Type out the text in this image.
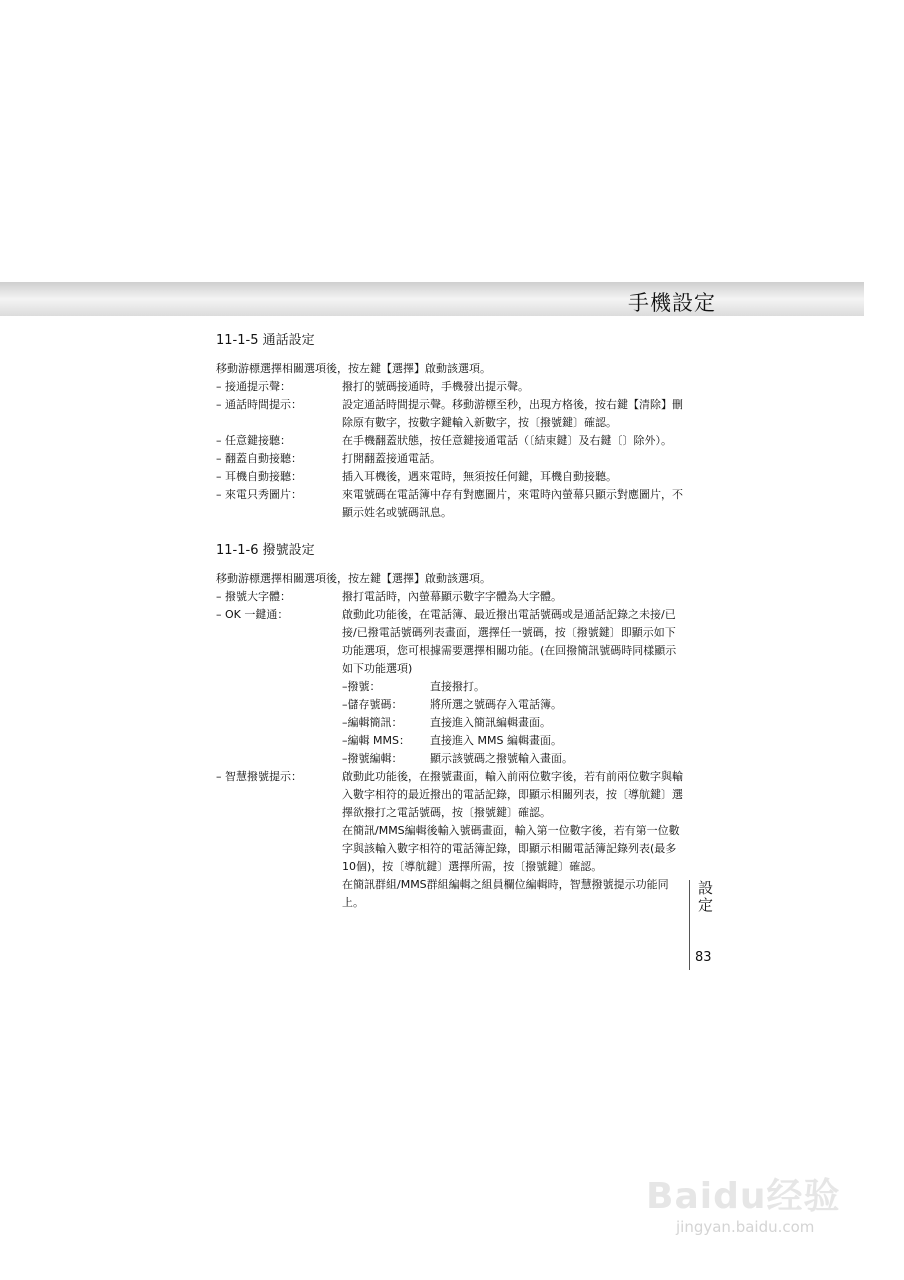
手機設定
11-1-5 通話設定

移動游標選擇相關選項後，按左鍵【選擇】啟動該選項。

– 接通提示聲：	撥打的號碼接通時，手機發出提示聲。
– 通話時間提示：	設定通話時間提示聲。移動游標至秒，出現方格後，按右鍵【清除】刪除原有數字，按數字鍵輸入新數字，按〔撥號鍵〕確認。
– 任意鍵接聽：	在手機翻蓋狀態，按任意鍵接通電話（〔結束鍵〕及右鍵〔〕除外）。
– 翻蓋自動接聽：	打開翻蓋接通電話。
– 耳機自動接聽：	插入耳機後，遇來電時，無須按任何鍵，耳機自動接聽。
– 來電只秀圖片：	來電號碼在電話簿中存有對應圖片，來電時內螢幕只顯示對應圖片，不顯示姓名或號碼訊息。
11-1-6 撥號設定

移動游標選擇相關選項後，按左鍵【選擇】啟動該選項。

– 撥號大字體：	撥打電話時，內螢幕顯示數字字體為大字體。
– OK 一鍵通：	啟動此功能後，在電話簿、最近撥出電話號碼或是通話記錄之未接/已接/已撥電話號碼列表畫面，選擇任一號碼，按〔撥號鍵〕即顯示如下功能選項，您可根據需要選擇相關功能。(在回撥簡訊號碼時同樣顯示如下功能選項)
–撥號：	直接撥打。
–儲存號碼：	將所選之號碼存入電話簿。
–編輯簡訊：	直接進入簡訊編輯畫面。
–編輯 MMS：	直接進入 MMS 編輯畫面。
–撥號編輯：	顯示該號碼之撥號輸入畫面。
– 智慧撥號提示：	啟動此功能後，在撥號畫面，輸入前兩位數字後，若有前兩位數字與輸入數字相符的最近撥出的電話記錄，即顯示相關列表，按〔導航鍵〕選擇欲撥打之電話號碼，按〔撥號鍵〕確認。
在簡訊/MMS編輯後輸入號碼畫面，輸入第一位數字後，若有第一位數字與該輸入數字相符的電話簿記錄，即顯示相關電話簿記錄列表(最多10個)，按〔導航鍵〕選擇所需，按〔撥號鍵〕確認。
在簡訊群組/MMS群組編輯之組員欄位編輯時，智慧撥號提示功能同上。	設定
83
Baidu经验
jingyan.baidu.com
